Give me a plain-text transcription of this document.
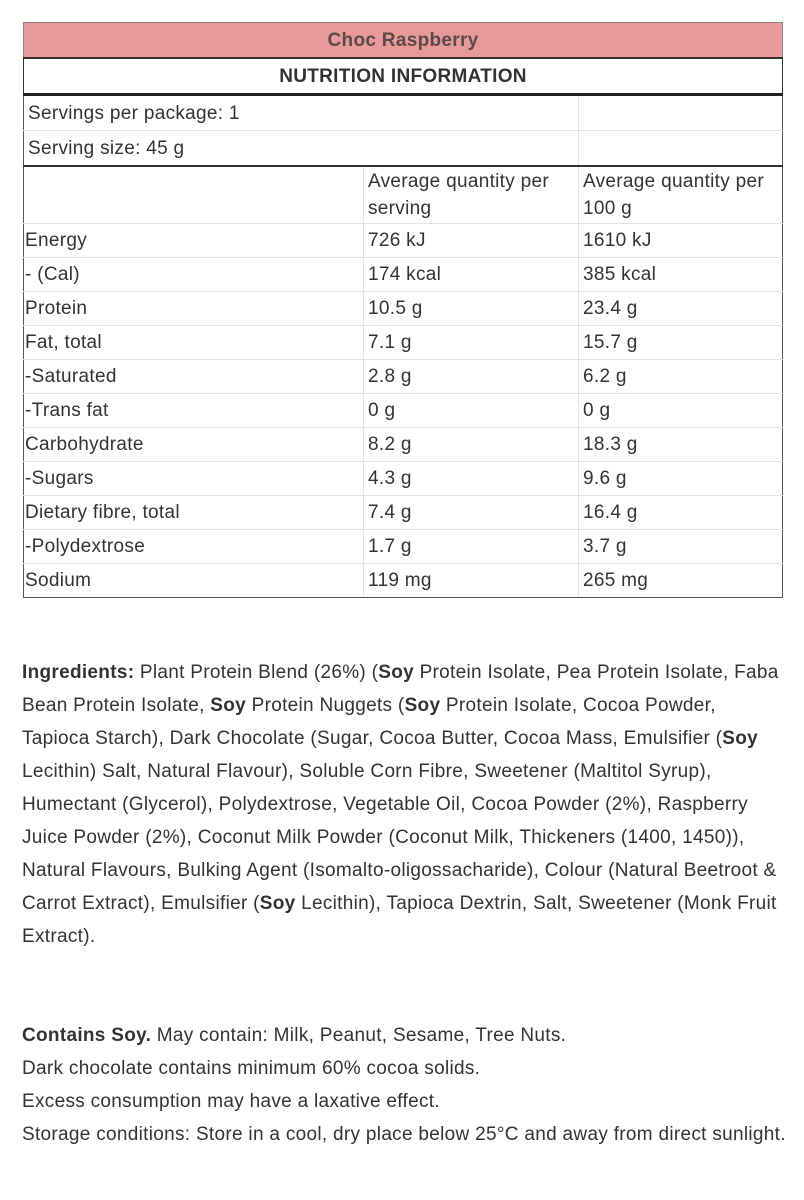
Choc Raspberry		
NUTRITION INFORMATION		
Servings per package: 1		
Serving size: 45 g		
	Average quantity per serving	Average quantity per 100 g
Energy	726 kJ	1610 kJ
- (Cal)	174 kcal	385 kcal
Protein	10.5 g	23.4 g
Fat, total	7.1 g	15.7 g
-Saturated	2.8 g	6.2 g
-Trans fat	0 g	0 g
Carbohydrate	8.2 g	18.3 g
-Sugars	4.3 g	9.6 g
Dietary fibre, total	7.4 g	16.4 g
-Polydextrose	1.7 g	3.7 g
Sodium	119 mg	265 mg
Ingredients: Plant Protein Blend (26%) (Soy Protein Isolate, Pea Protein Isolate, Faba Bean Protein Isolate, Soy Protein Nuggets (Soy Protein Isolate, Cocoa Powder, Tapioca Starch), Dark Chocolate (Sugar, Cocoa Butter, Cocoa Mass, Emulsifier (Soy Lecithin) Salt, Natural Flavour), Soluble Corn Fibre, Sweetener (Maltitol Syrup), Humectant (Glycerol), Polydextrose, Vegetable Oil, Cocoa Powder (2%), Raspberry Juice Powder (2%), Coconut Milk Powder (Coconut Milk, Thickeners (1400, 1450)), Natural Flavours, Bulking Agent (Isomalto-oligossacharide), Colour (Natural Beetroot & Carrot Extract), Emulsifier (Soy Lecithin), Tapioca Dextrin, Salt, Sweetener (Monk Fruit Extract).

Contains Soy. May contain: Milk, Peanut, Sesame, Tree Nuts.

Dark chocolate contains minimum 60% cocoa solids.

Excess consumption may have a laxative effect.

Storage conditions: Store in a cool, dry place below 25°C and away from direct sunlight.
